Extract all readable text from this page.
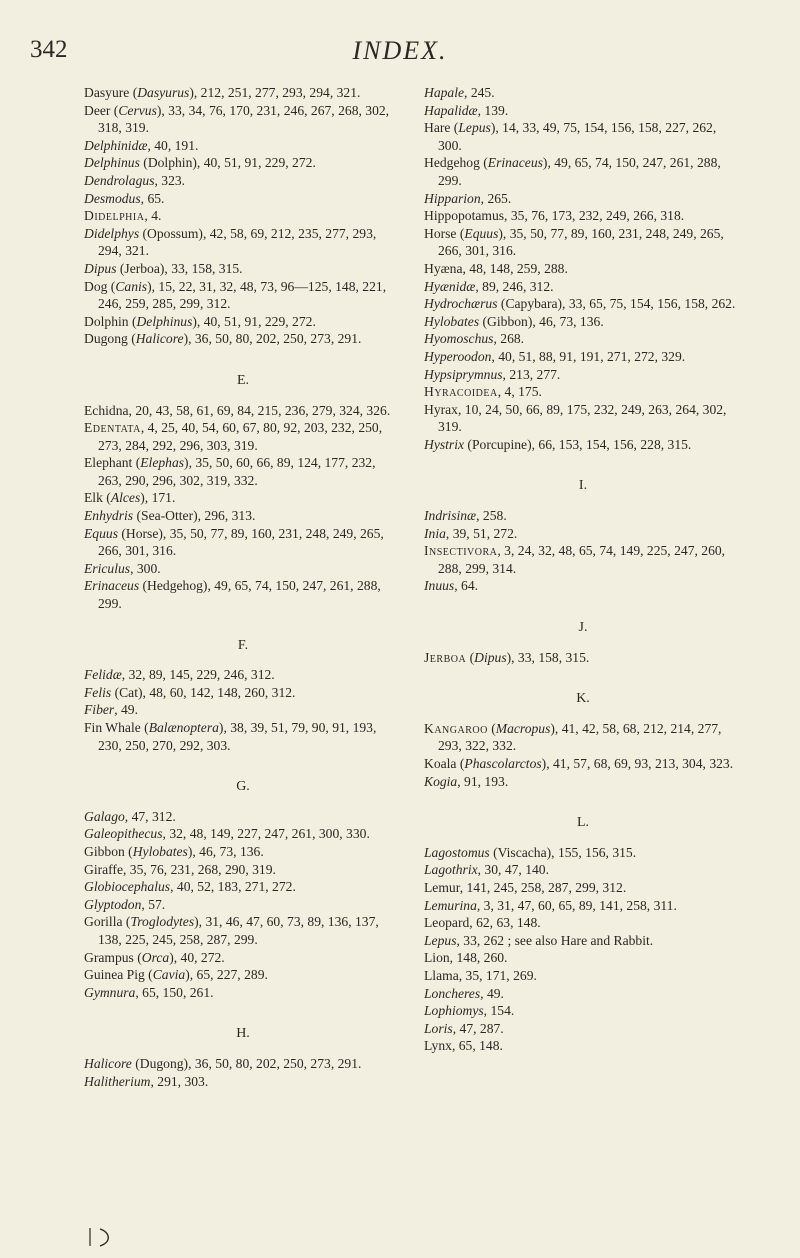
342	INDEX.
Dasyure (Dasyurus), 212, 251, 277, 293, 294, 321.
Deer (Cervus), 33, 34, 76, 170, 231, 246, 267, 268, 302, 318, 319.
Delphinidæ, 40, 191.
Delphinus (Dolphin), 40, 51, 91, 229, 272.
Dendrolagus, 323.
Desmodus, 65.
Didelphia, 4.
Didelphys (Opossum), 42, 58, 69, 212, 235, 277, 293, 294, 321.
Dipus (Jerboa), 33, 158, 315.
Dog (Canis), 15, 22, 31, 32, 48, 73, 96—125, 148, 221, 246, 259, 285, 299, 312.
Dolphin (Delphinus), 40, 51, 91, 229, 272.
Dugong (Halicore), 36, 50, 80, 202, 250, 273, 291.
E.
Echidna, 20, 43, 58, 61, 69, 84, 215, 236, 279, 324, 326.
Edentata, 4, 25, 40, 54, 60, 67, 80, 92, 203, 232, 250, 273, 284, 292, 296, 303, 319.
Elephant (Elephas), 35, 50, 60, 66, 89, 124, 177, 232, 263, 290, 296, 302, 319, 332.
Elk (Alces), 171.
Enhydris (Sea-Otter), 296, 313.
Equus (Horse), 35, 50, 77, 89, 160, 231, 248, 249, 265, 266, 301, 316.
Ericulus, 300.
Erinaceus (Hedgehog), 49, 65, 74, 150, 247, 261, 288, 299.
F.
Felidæ, 32, 89, 145, 229, 246, 312.
Felis (Cat), 48, 60, 142, 148, 260, 312.
Fiber, 49.
Fin Whale (Balænoptera), 38, 39, 51, 79, 90, 91, 193, 230, 250, 270, 292, 303.
G.
Galago, 47, 312.
Galeopithecus, 32, 48, 149, 227, 247, 261, 300, 330.
Gibbon (Hylobates), 46, 73, 136.
Giraffe, 35, 76, 231, 268, 290, 319.
Globiocephalus, 40, 52, 183, 271, 272.
Glyptodon, 57.
Gorilla (Troglodytes), 31, 46, 47, 60, 73, 89, 136, 137, 138, 225, 245, 258, 287, 299.
Grampus (Orca), 40, 272.
Guinea Pig (Cavia), 65, 227, 289.
Gymnura, 65, 150, 261.
H.
Halicore (Dugong), 36, 50, 80, 202, 250, 273, 291.
Halitherium, 291, 303.
Hapale, 245.
Hapalidæ, 139.
Hare (Lepus), 14, 33, 49, 75, 154, 156, 158, 227, 262, 300.
Hedgehog (Erinaceus), 49, 65, 74, 150, 247, 261, 288, 299.
Hipparion, 265.
Hippopotamus, 35, 76, 173, 232, 249, 266, 318.
Horse (Equus), 35, 50, 77, 89, 160, 231, 248, 249, 265, 266, 301, 316.
Hyæna, 48, 148, 259, 288.
Hyænidæ, 89, 246, 312.
Hydrochærus (Capybara), 33, 65, 75, 154, 156, 158, 262.
Hylobates (Gibbon), 46, 73, 136.
Hyomoschus, 268.
Hyperoodon, 40, 51, 88, 91, 191, 271, 272, 329.
Hypsiprymnus, 213, 277.
Hyracoidea, 4, 175.
Hyrax, 10, 24, 50, 66, 89, 175, 232, 249, 263, 264, 302, 319.
Hystrix (Porcupine), 66, 153, 154, 156, 228, 315.
I.
Indrisinæ, 258.
Inia, 39, 51, 272.
Insectivora, 3, 24, 32, 48, 65, 74, 149, 225, 247, 260, 288, 299, 314.
Inuus, 64.
J.
Jerboa (Dipus), 33, 158, 315.
K.
Kangaroo (Macropus), 41, 42, 58, 68, 212, 214, 277, 293, 322, 332.
Koala (Phascolarctos), 41, 57, 68, 69, 93, 213, 304, 323.
Kogia, 91, 193.
L.
Lagostomus (Viscacha), 155, 156, 315.
Lagothrix, 30, 47, 140.
Lemur, 141, 245, 258, 287, 299, 312.
Lemurina, 3, 31, 47, 60, 65, 89, 141, 258, 311.
Leopard, 62, 63, 148.
Lepus, 33, 262 ; see also Hare and Rabbit.
Lion, 148, 260.
Llama, 35, 171, 269.
Loncheres, 49.
Lophiomys, 154.
Loris, 47, 287.
Lynx, 65, 148.
